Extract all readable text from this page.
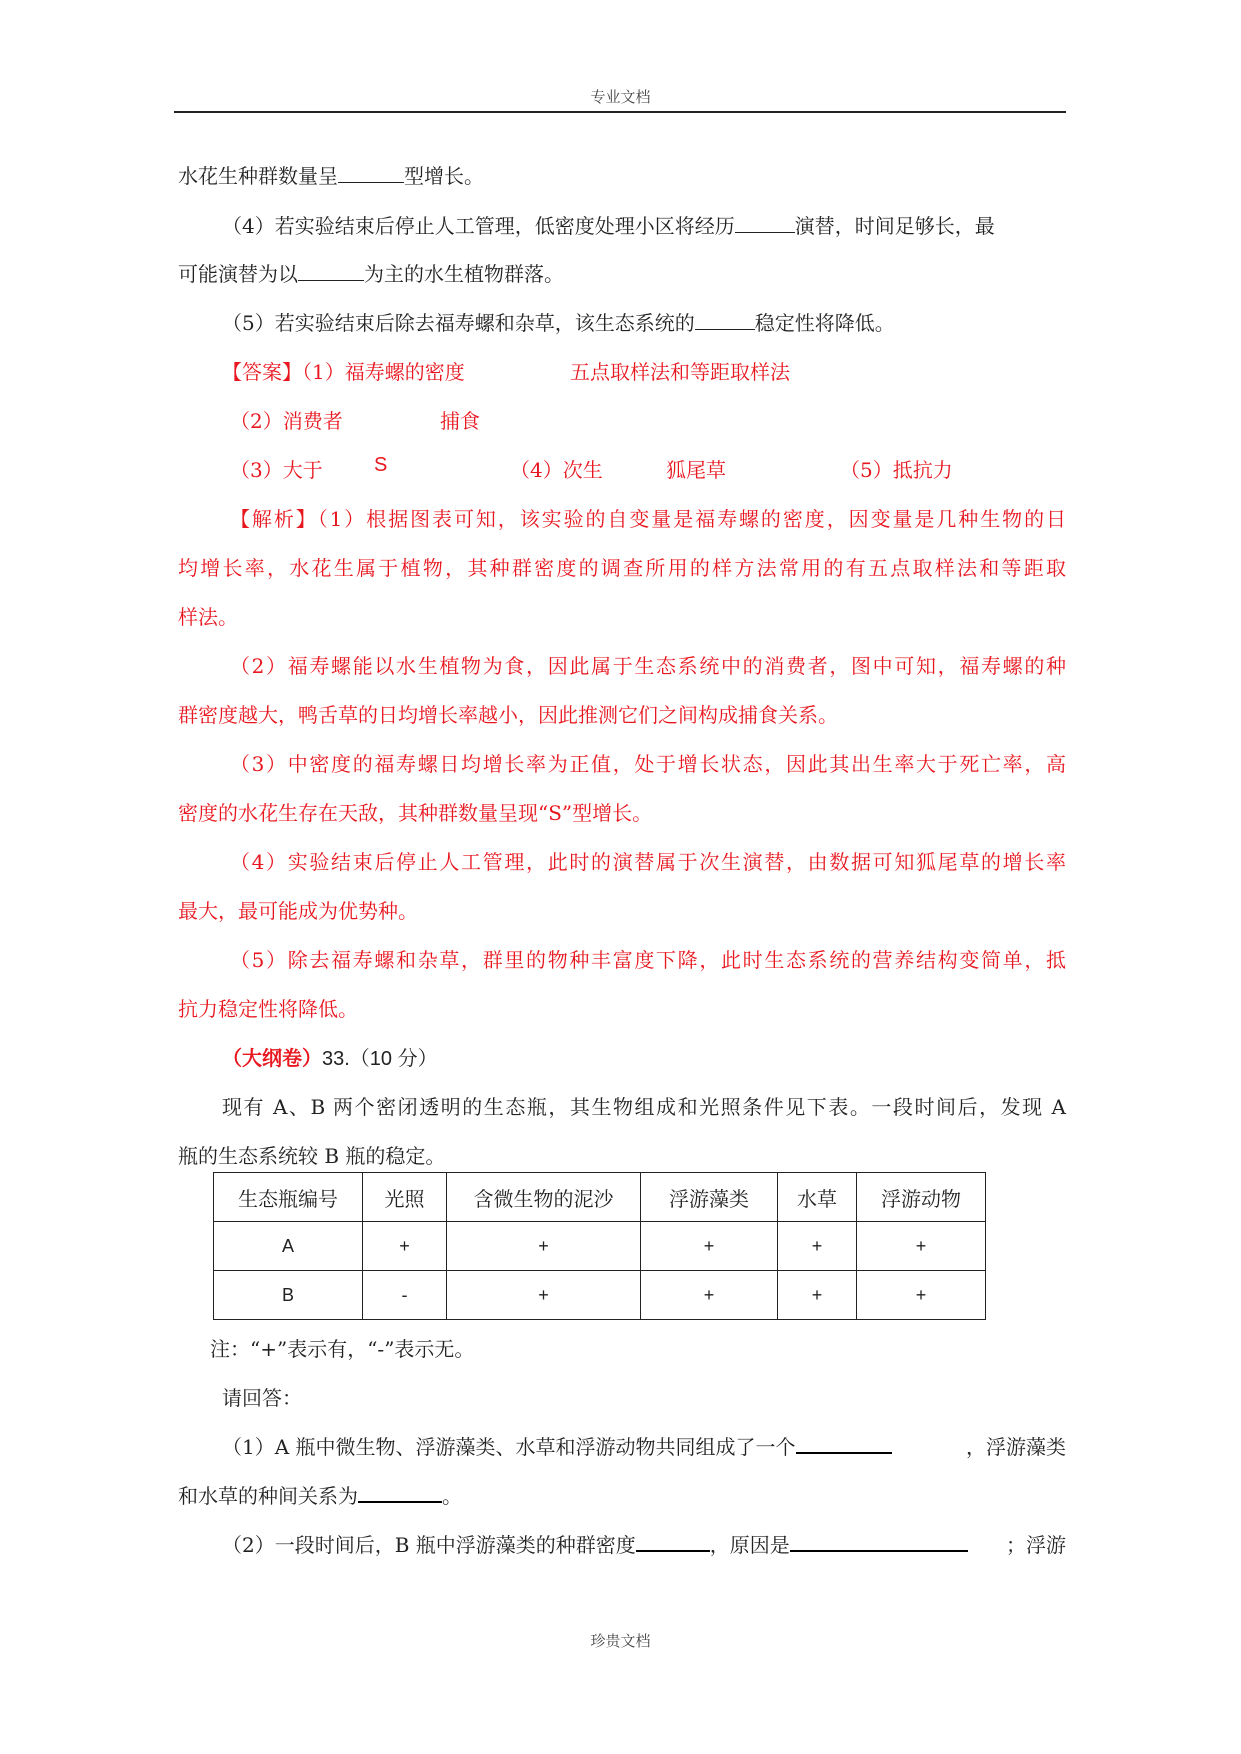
专业文档
水花生种群数量呈	型增长。
（4）若实验结束后停止人工管理，低密度处理小区将经历	演替，时间足够长，最
可能演替为以	为主的水生植物群落。
（5）若实验结束后除去福寿螺和杂草，该生态系统的	稳定性将降低。
【答案】（1）福寿螺的密度	五点取样法和等距取样法
（2）消费者	捕食
（3）大于	S	（4）次生	狐尾草	（5）抵抗力
【解析】（1）根据图表可知，该实验的自变量是福寿螺的密度，因变量是几种生物的日
均增长率，水花生属于植物，其种群密度的调查所用的样方法常用的有五点取样法和等距取
样法。
（2）福寿螺能以水生植物为食，因此属于生态系统中的消费者，图中可知，福寿螺的种
群密度越大，鸭舌草的日均增长率越小，因此推测它们之间构成捕食关系。
（3）中密度的福寿螺日均增长率为正值，处于增长状态，因此其出生率大于死亡率，高
密度的水花生存在天敌，其种群数量呈现“S”型增长。
（4）实验结束后停止人工管理，此时的演替属于次生演替，由数据可知狐尾草的增长率
最大，最可能成为优势种。
（5）除去福寿螺和杂草，群里的物种丰富度下降，此时生态系统的营养结构变简单，抵
抗力稳定性将降低。
（大纲卷）33.（10 分）
现有 A、B 两个密闭透明的生态瓶，其生物组成和光照条件见下表。一段时间后，发现 A
瓶的生态系统较 B 瓶的稳定。
生态瓶编号	光照	含微生物的泥沙	浮游藻类	水草	浮游动物
A	+	+	+	+	+
B	-	+	+	+	+
注：“+”表示有，“-”表示无。
请回答：
（1）A 瓶中微生物、浮游藻类、水草和浮游动物共同组成了一个	，浮游藻类
和水草的种间关系为	。
（2）一段时间后，B 瓶中浮游藻类的种群密度	，原因是	；浮游
珍贵文档
